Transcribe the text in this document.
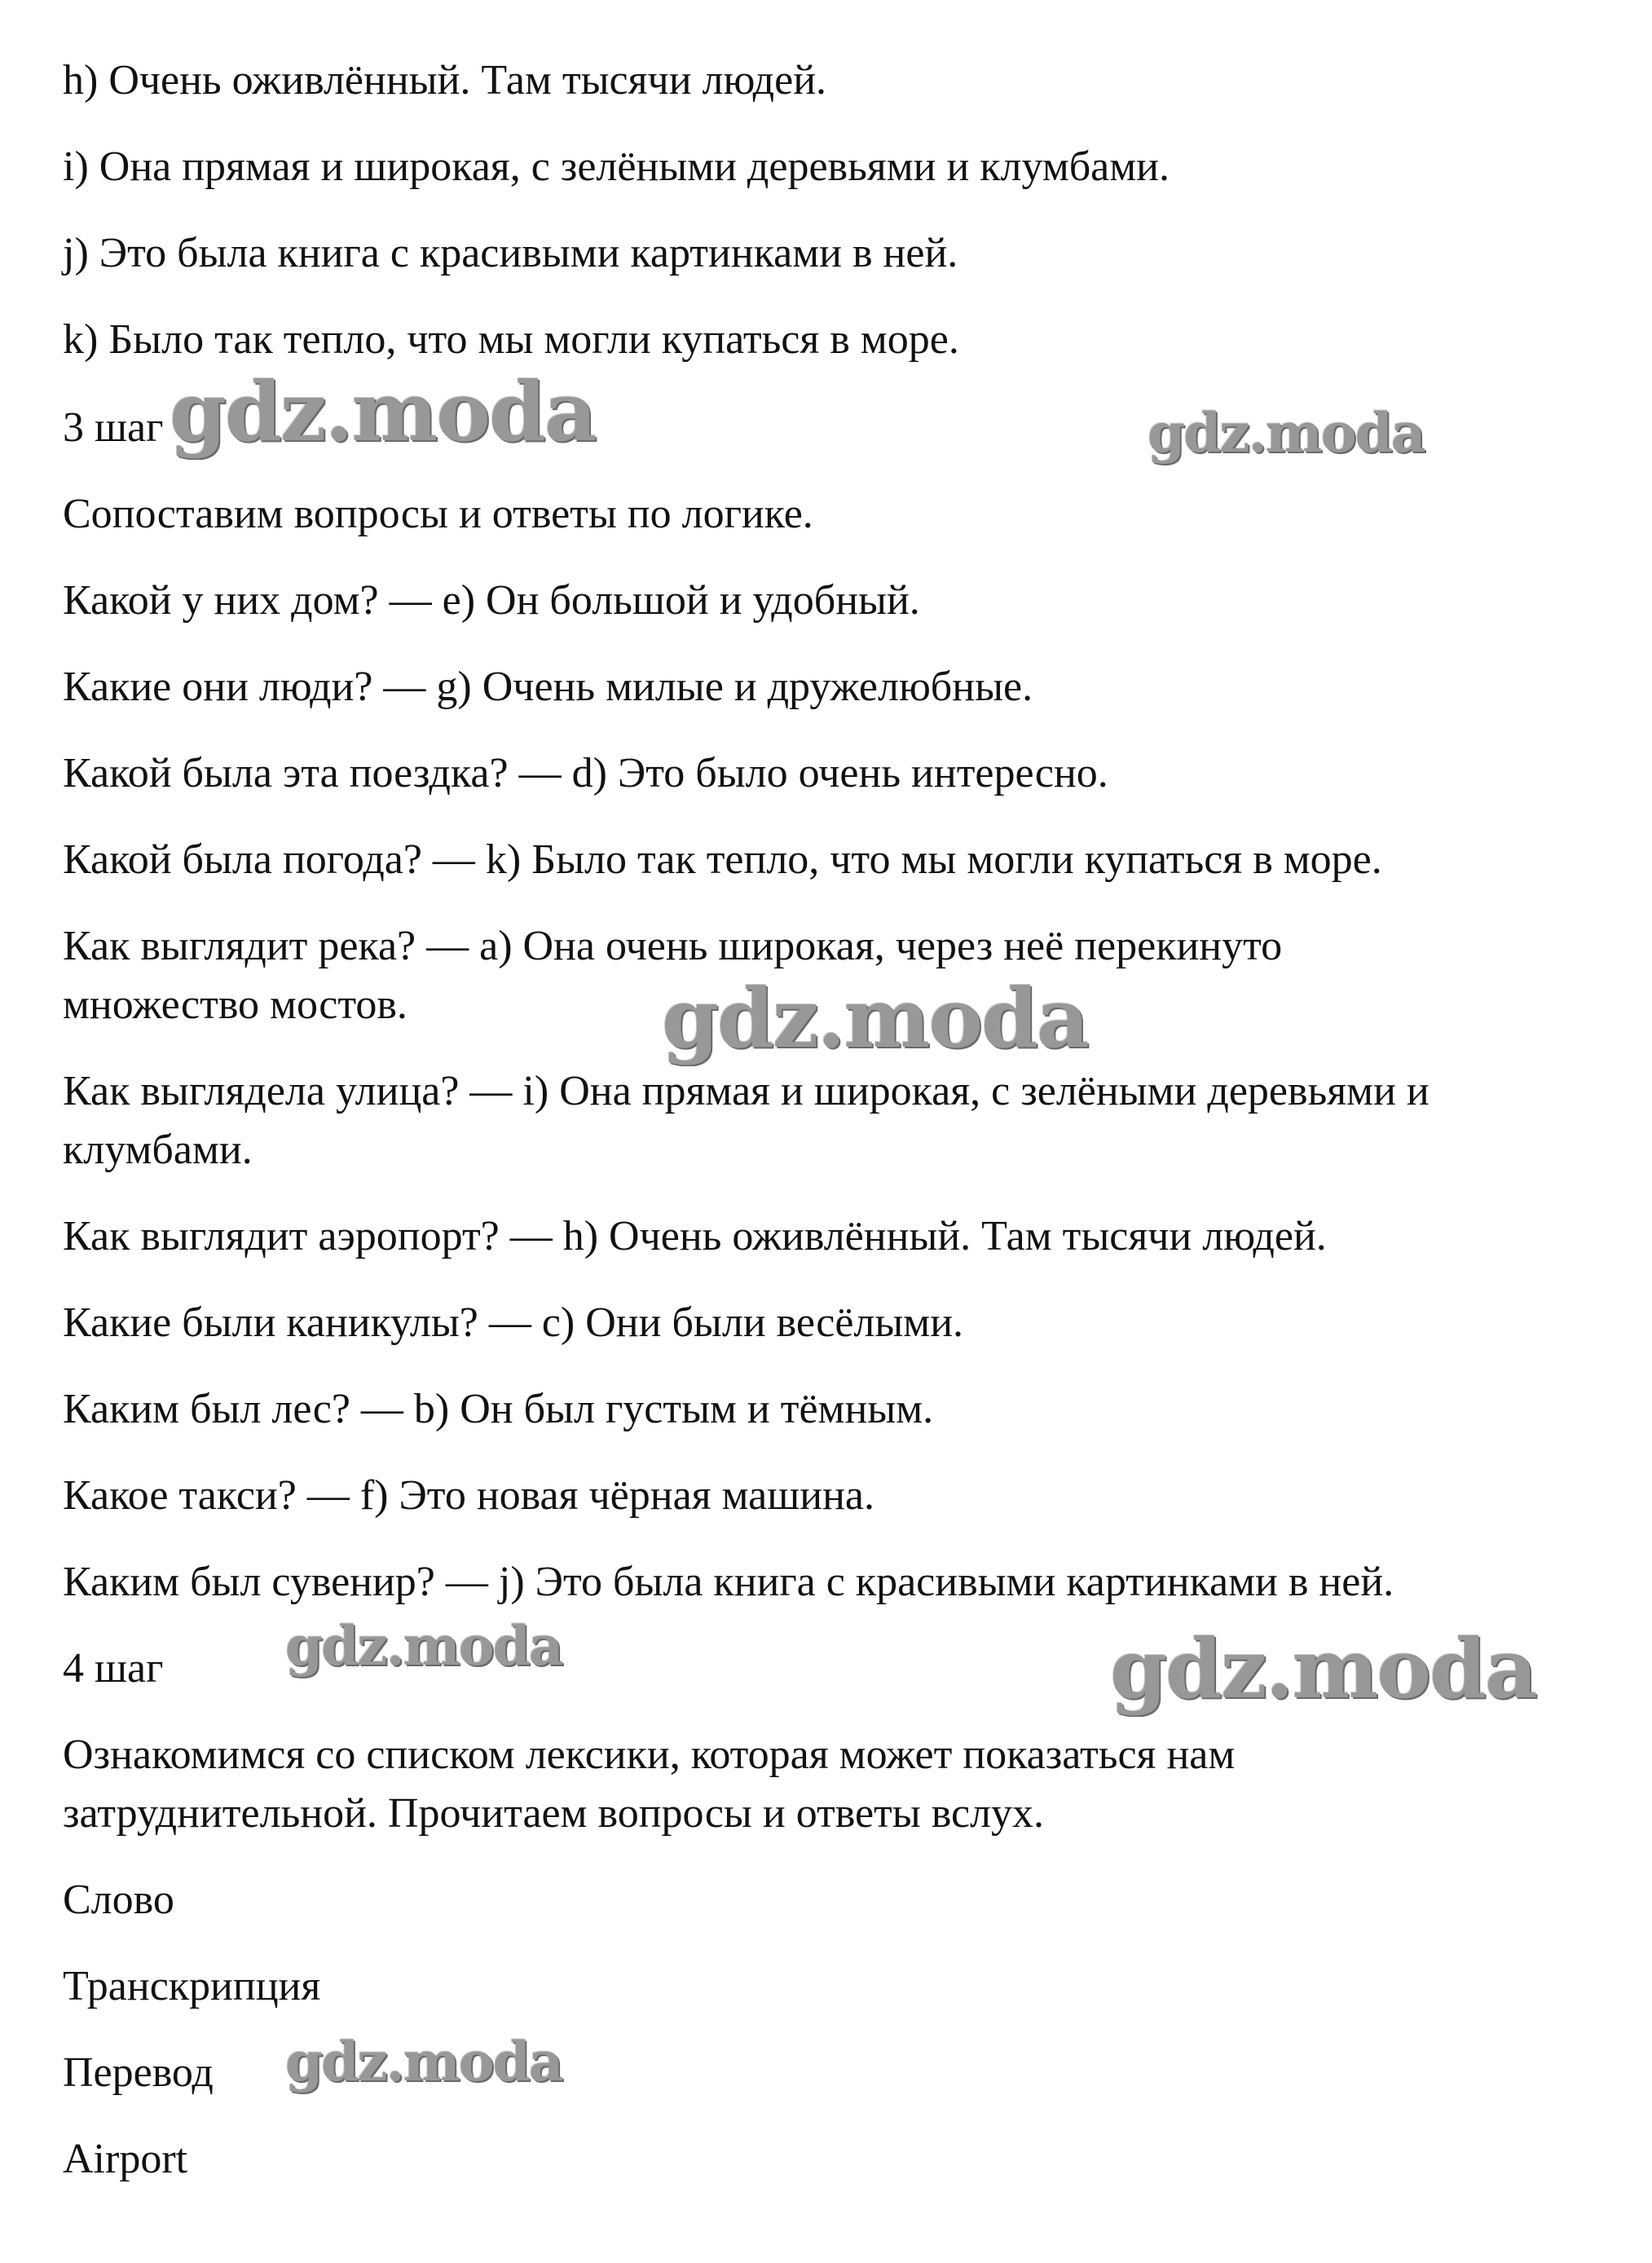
h) Очень оживлённый. Там тысячи людей.

i) Она прямая и широкая, с зелёными деревьями и клумбами.

j) Это была книга с красивыми картинками в ней.

k) Было так тепло, что мы могли купаться в море.

3 шаг

Сопоставим вопросы и ответы по логике.

Какой у них дом? — e) Он большой и удобный.

Какие они люди? — g) Очень милые и дружелюбные.

Какой была эта поездка? — d) Это было очень интересно.

Какой была погода? — k) Было так тепло, что мы могли купаться в море.

Как выглядит река? — a) Она очень широкая, через неё перекинуто

множество мостов.

Как выглядела улица? — i) Она прямая и широкая, с зелёными деревьями и

клумбами.

Как выглядит аэропорт? — h) Очень оживлённый. Там тысячи людей.

Какие были каникулы? — c) Они были весёлыми.

Каким был лес? — b) Он был густым и тёмным.

Какое такси? — f) Это новая чёрная машина.

Каким был сувенир? — j) Это была книга с красивыми картинками в ней.

4 шаг

Ознакомимся со списком лексики, которая может показаться нам

затруднительной. Прочитаем вопросы и ответы вслух.

Слово

Транскрипция

Перевод

Airport

gdz.moda	gdz.moda
gdz.moda
gdz.moda	gdz.moda
gdz.moda
